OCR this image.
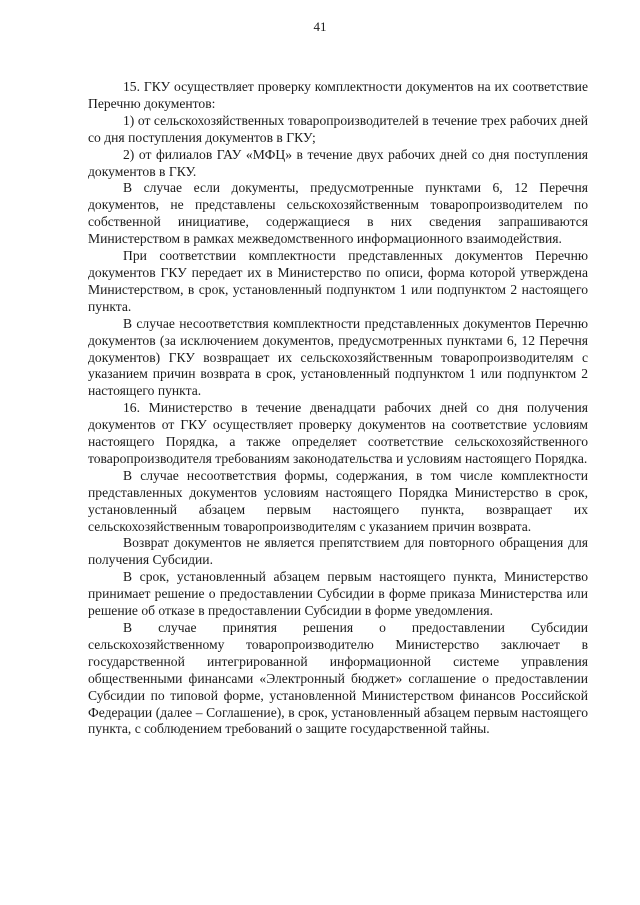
41

15. ГКУ осуществляет проверку комплектности документов на их соответствие Перечню документов:

1) от сельскохозяйственных товаропроизводителей в течение трех рабочих дней со дня поступления документов в ГКУ;

2) от филиалов ГАУ «МФЦ» в течение двух рабочих дней со дня поступления документов в ГКУ.

В случае если документы, предусмотренные пунктами 6, 12 Перечня документов, не представлены сельскохозяйственным товаропроизводителем по собственной инициативе, содержащиеся в них сведения запрашиваются Министерством в рамках межведомственного информационного взаимодействия.

При соответствии комплектности представленных документов Перечню документов ГКУ передает их в Министерство по описи, форма которой утверждена Министерством, в срок, установленный подпунктом 1 или подпунктом 2 настоящего пункта.

В случае несоответствия комплектности представленных документов Перечню документов (за исключением документов, предусмотренных пунктами 6, 12 Перечня документов) ГКУ возвращает их сельскохозяйственным товаропроизводителям с указанием причин возврата в срок, установленный подпунктом 1 или подпунктом 2 настоящего пункта.

16. Министерство в течение двенадцати рабочих дней со дня получения документов от ГКУ осуществляет проверку документов на соответствие условиям настоящего Порядка, а также определяет соответствие сельскохозяйственного товаропроизводителя требованиям законодательства и условиям настоящего Порядка.

В случае несоответствия формы, содержания, в том числе комплектности представленных документов условиям настоящего Порядка Министерство в срок, установленный абзацем первым настоящего пункта, возвращает их сельскохозяйственным товаропроизводителям с указанием причин возврата.

Возврат документов не является препятствием для повторного обращения для получения Субсидии.

В срок, установленный абзацем первым настоящего пункта, Министерство принимает решение о предоставлении Субсидии в форме приказа Министерства или решение об отказе в предоставлении Субсидии в форме уведомления.

В случае принятия решения о предоставлении Субсидии сельскохозяйственному товаропроизводителю Министерство заключает в государственной интегрированной информационной системе управления общественными финансами «Электронный бюджет» соглашение о предоставлении Субсидии по типовой форме, установленной Министерством финансов Российской Федерации (далее – Соглашение), в срок, установленный абзацем первым настоящего пункта, с соблюдением требований о защите государственной тайны.
